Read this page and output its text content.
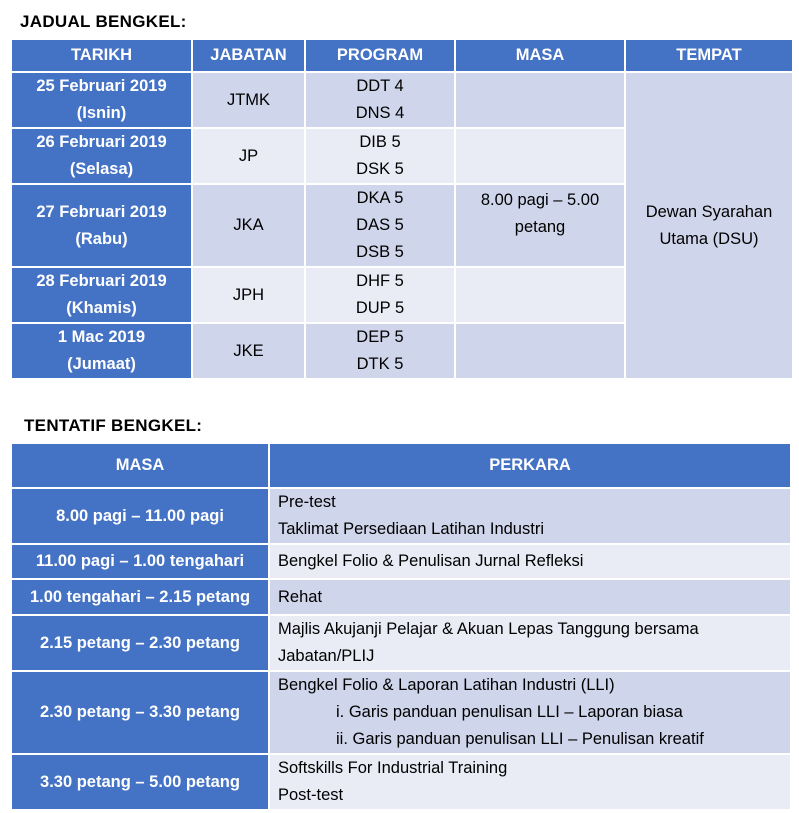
JADUAL BENGKEL:
TARIKH	JABATAN	PROGRAM	MASA	TEMPAT

25 Februari 2019
(Isnin)	JTMK	DDT 4
DNS 4		Dewan Syarahan
Utama (DSU)

26 Februari 2019
(Selasa)	JP	DIB 5
DSK 5		

27 Februari 2019
(Rabu)	JKA	DKA 5
DAS 5
DSB 5	8.00 pagi – 5.00
petang	

28 Februari 2019
(Khamis)	JPH	DHF 5
DUP 5		

1 Mac 2019
(Jumaat)	JKE	DEP 5
DTK 5		

TENTATIF BENGKEL:
MASA	PERKARA
8.00 pagi – 11.00 pagi	Pre-test
Taklimat Persediaan Latihan Industri

11.00 pagi – 1.00 tengahari	Bengkel Folio & Penulisan Jurnal Refleksi

1.00 tengahari – 2.15 petang	Rehat

2.15 petang – 2.30 petang	Majlis Akujanji Pelajar & Akuan Lepas Tanggung bersama
Jabatan/PLIJ

2.30 petang – 3.30 petang	Bengkel Folio & Laporan Latihan Industri (LLI)
i. Garis panduan penulisan LLI – Laporan biasa
ii. Garis panduan penulisan LLI – Penulisan kreatif

3.30 petang – 5.00 petang	Softskills For Industrial Training
Post-test
